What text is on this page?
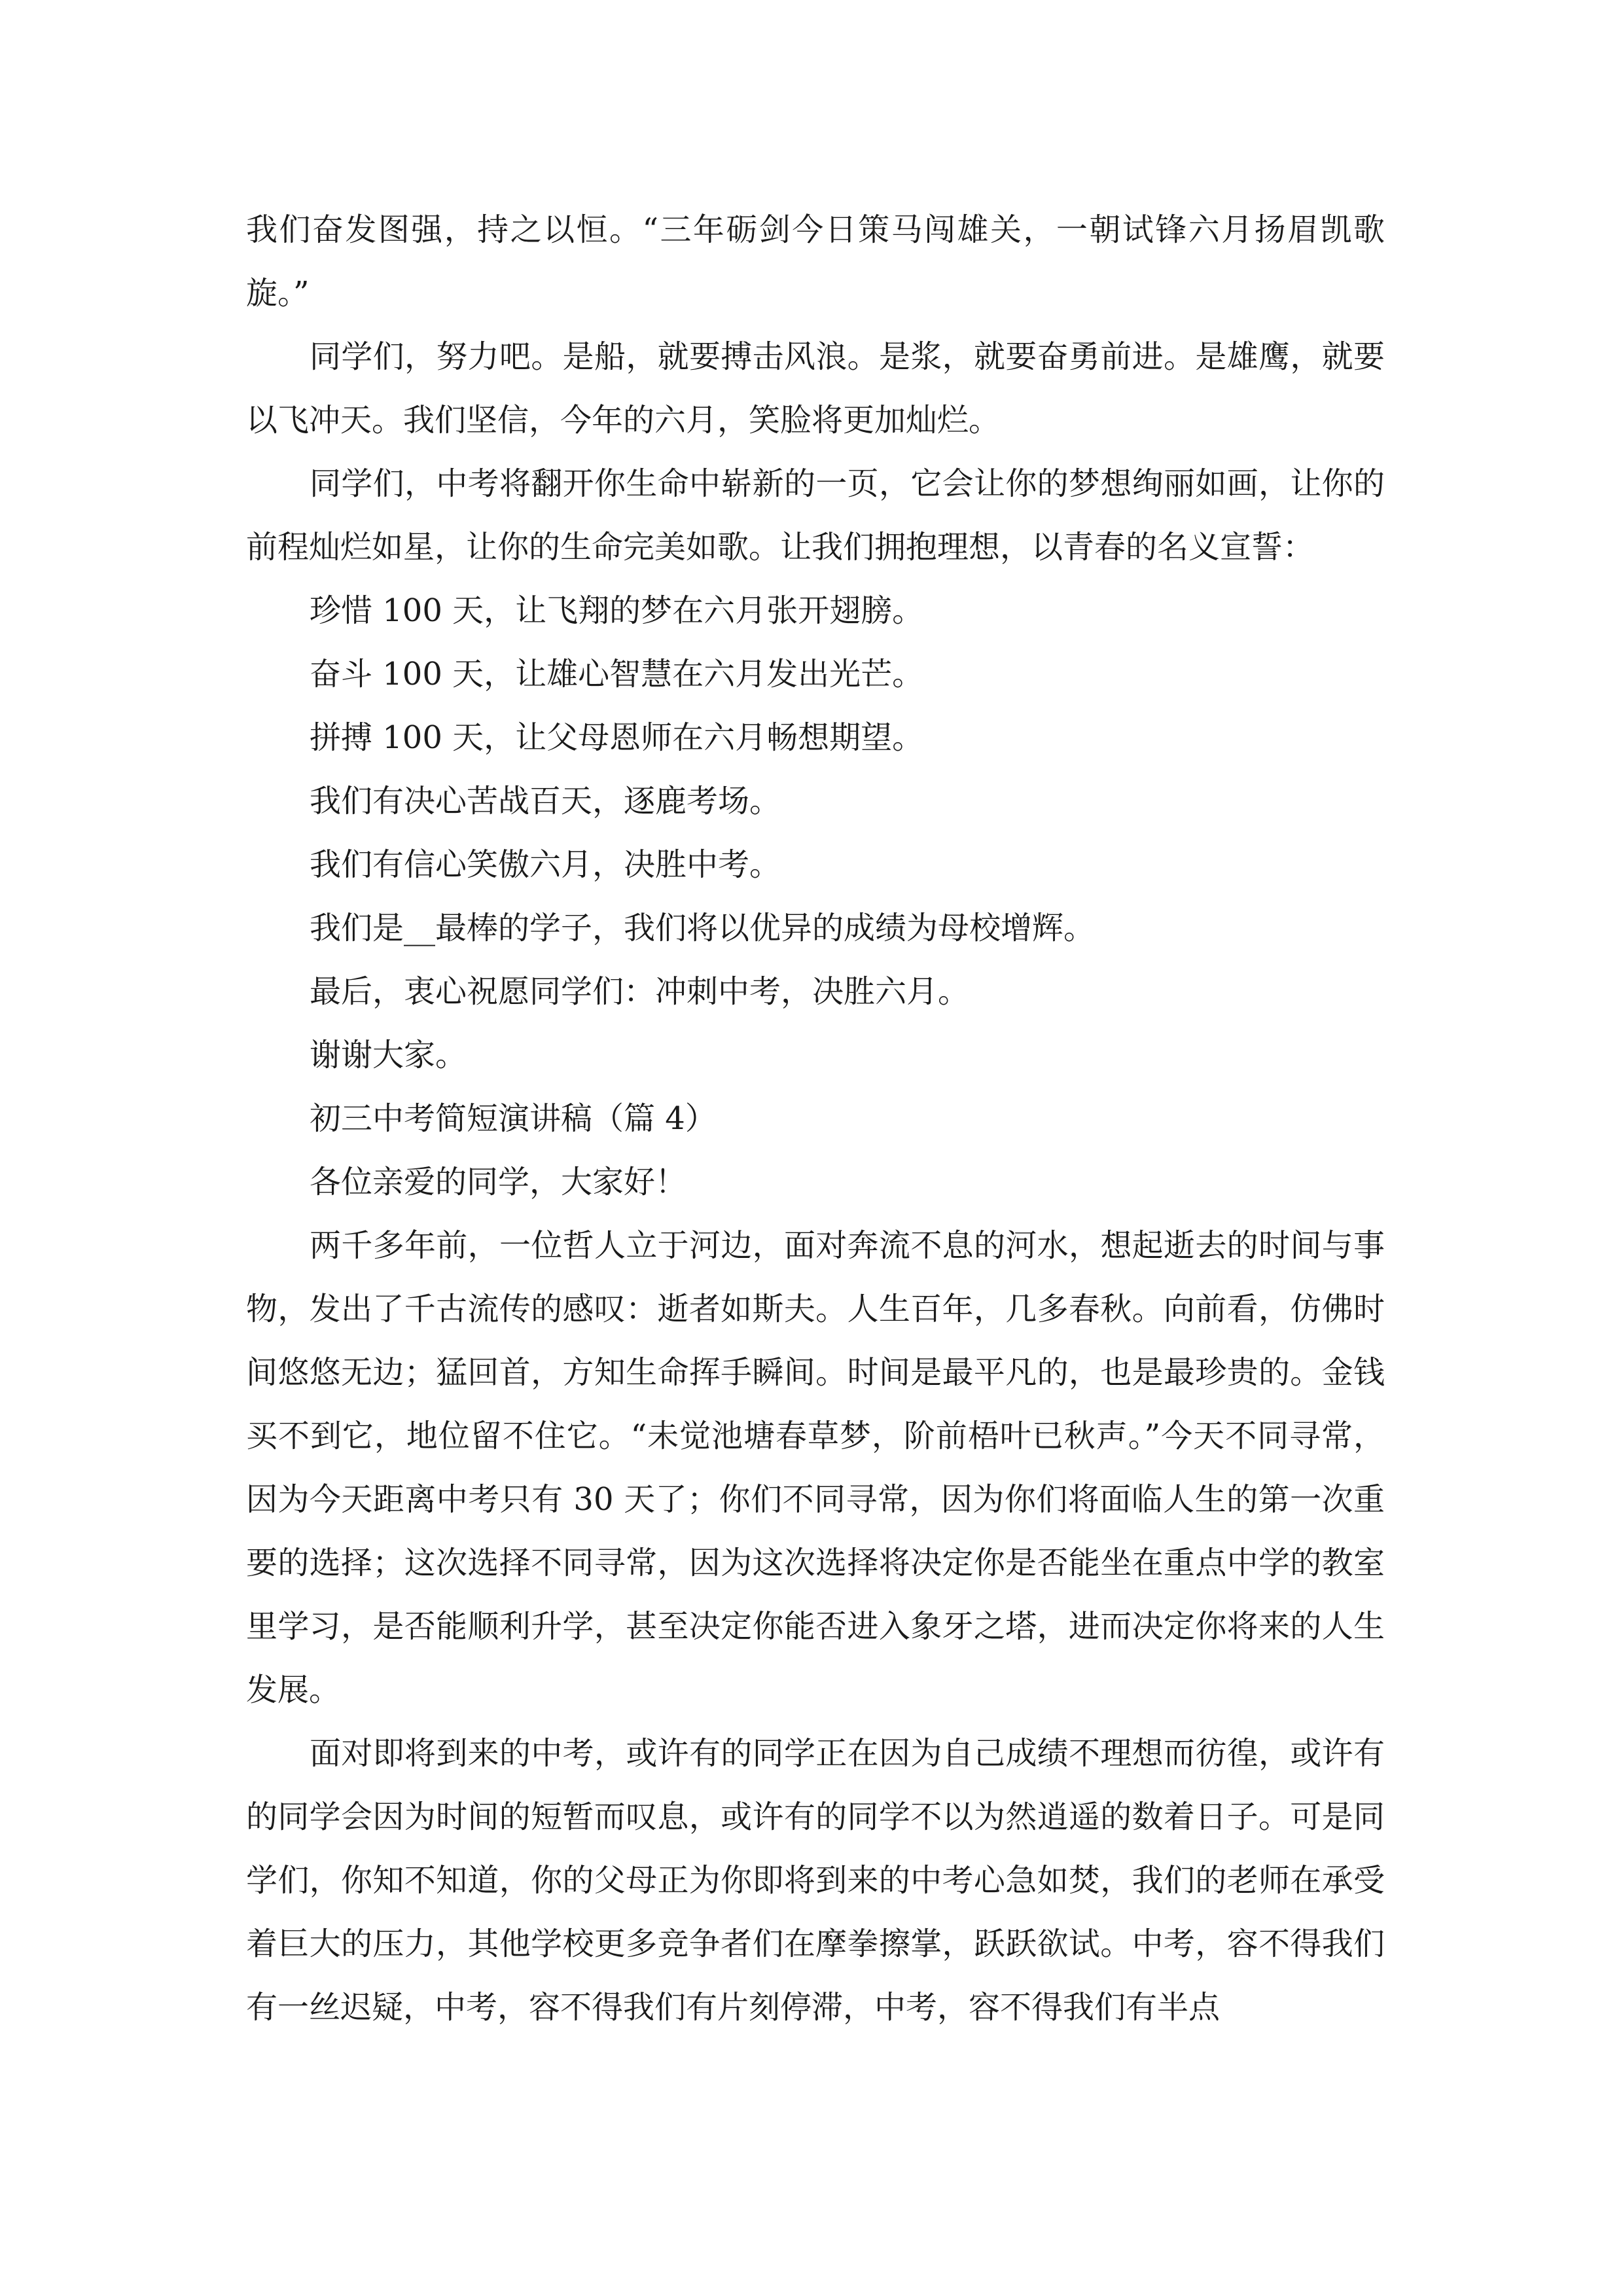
我们奋发图强，持之以恒。“三年砺剑今日策马闯雄关，一朝试锋六月扬眉凯歌旋。”

同学们，努力吧。是船，就要搏击风浪。是浆，就要奋勇前进。是雄鹰，就要以飞冲天。我们坚信，今年的六月，笑脸将更加灿烂。

同学们，中考将翻开你生命中崭新的一页，它会让你的梦想绚丽如画，让你的前程灿烂如星，让你的生命完美如歌。让我们拥抱理想，以青春的名义宣誓：

珍惜 100 天，让飞翔的梦在六月张开翅膀。

奋斗 100 天，让雄心智慧在六月发出光芒。

拼搏 100 天，让父母恩师在六月畅想期望。

我们有决心苦战百天，逐鹿考场。

我们有信心笑傲六月，决胜中考。

我们是__最棒的学子，我们将以优异的成绩为母校增辉。

最后，衷心祝愿同学们：冲刺中考，决胜六月。

谢谢大家。

初三中考简短演讲稿（篇 4）

各位亲爱的同学，大家好！

两千多年前，一位哲人立于河边，面对奔流不息的河水，想起逝去的时间与事物，发出了千古流传的感叹：逝者如斯夫。人生百年，几多春秋。向前看，仿佛时间悠悠无边；猛回首，方知生命挥手瞬间。时间是最平凡的，也是最珍贵的。金钱买不到它，地位留不住它。“未觉池塘春草梦，阶前梧叶已秋声。”今天不同寻常，因为今天距离中考只有 30 天了；你们不同寻常，因为你们将面临人生的第一次重要的选择；这次选择不同寻常，因为这次选择将决定你是否能坐在重点中学的教室里学习，是否能顺利升学，甚至决定你能否进入象牙之塔，进而决定你将来的人生发展。

面对即将到来的中考，或许有的同学正在因为自己成绩不理想而彷徨，或许有的同学会因为时间的短暂而叹息，或许有的同学不以为然逍遥的数着日子。可是同学们，你知不知道，你的父母正为你即将到来的中考心急如焚，我们的老师在承受着巨大的压力，其他学校更多竞争者们在摩拳擦掌，跃跃欲试。中考，容不得我们有一丝迟疑，中考，容不得我们有片刻停滞，中考，容不得我们有半点
